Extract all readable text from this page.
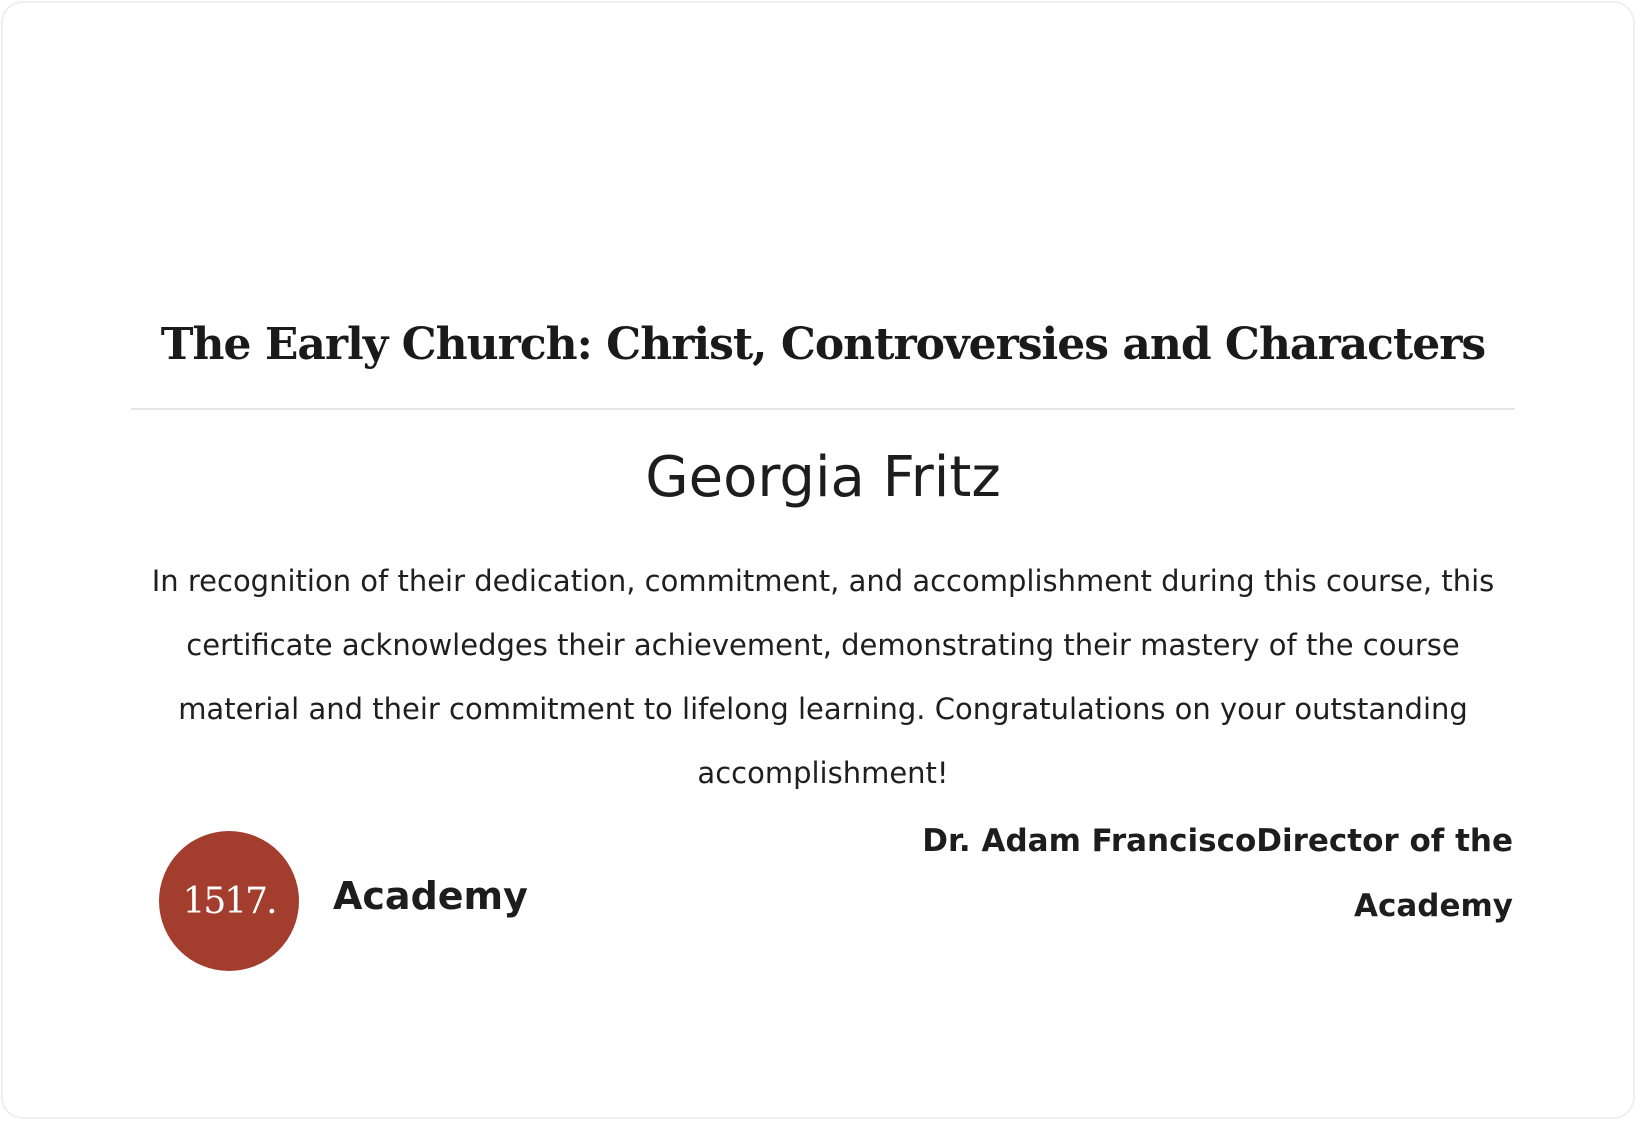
The Early Church: Christ, Controversies and Characters
Georgia Fritz

In recognition of their dedication, commitment, and accomplishment during this course, this certificate acknowledges their achievement, demonstrating their mastery of the course material and their commitment to lifelong learning. Congratulations on your outstanding accomplishment!

1517. Academy

Dr. Adam FranciscoDirector of the Academy
